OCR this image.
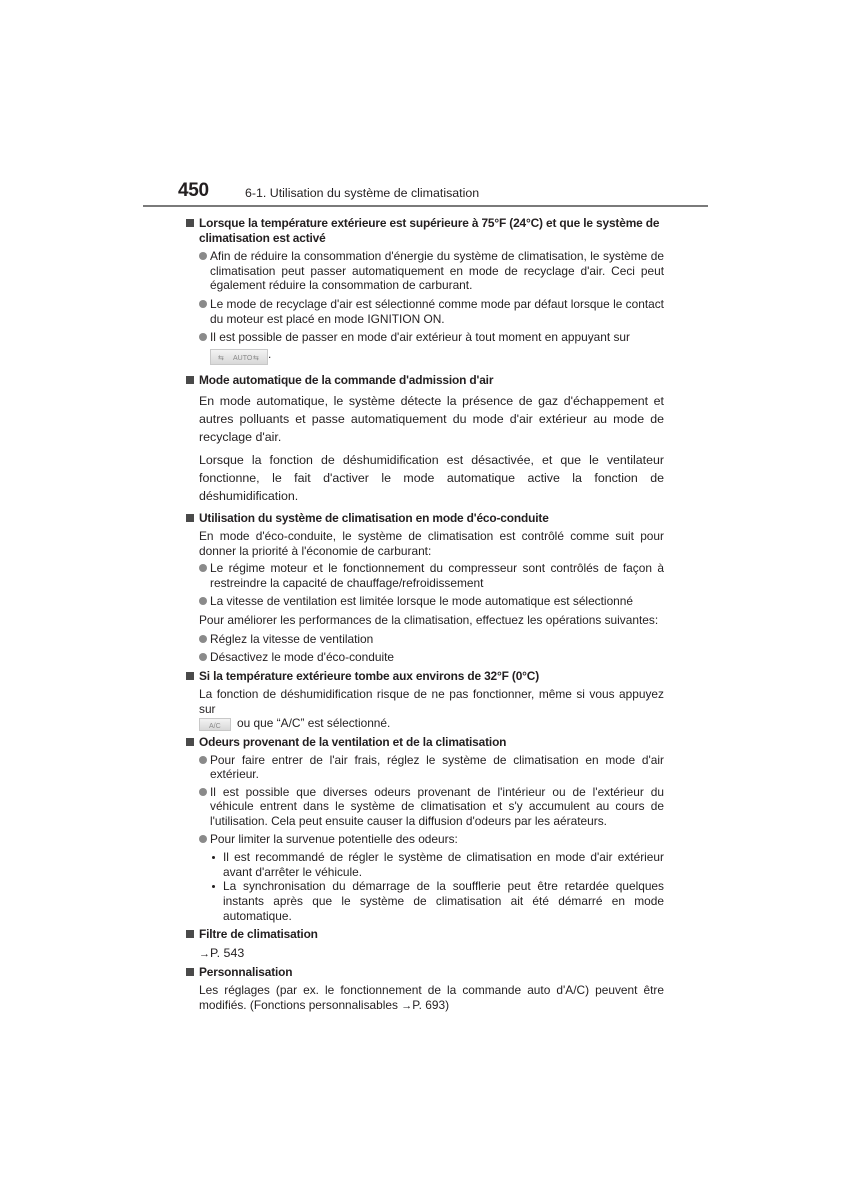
450	6-1. Utilisation du système de climatisation
Lorsque la température extérieure est supérieure à 75°F (24°C) et que le système de climatisation est activé
Afin de réduire la consommation d'énergie du système de climatisation, le système de climatisation peut passer automatiquement en mode de recyclage d'air. Ceci peut également réduire la consommation de carburant.
Le mode de recyclage d'air est sélectionné comme mode par défaut lorsque le contact du moteur est placé en mode IGNITION ON.
Il est possible de passer en mode d'air extérieur à tout moment en appuyant sur

⇆ AUTO ⇆ .
Mode automatique de la commande d'admission d'air
En mode automatique, le système détecte la présence de gaz d'échappement et autres polluants et passe automatiquement du mode d'air extérieur au mode de recyclage d'air.
Lorsque la fonction de déshumidification est désactivée, et que le ventilateur fonctionne, le fait d'activer le mode automatique active la fonction de déshumidification.
Utilisation du système de climatisation en mode d'éco-conduite
En mode d'éco-conduite, le système de climatisation est contrôlé comme suit pour donner la priorité à l'économie de carburant:
Le régime moteur et le fonctionnement du compresseur sont contrôlés de façon à restreindre la capacité de chauffage/refroidissement
La vitesse de ventilation est limitée lorsque le mode automatique est sélectionné
Pour améliorer les performances de la climatisation, effectuez les opérations suivantes:
Réglez la vitesse de ventilation
Désactivez le mode d'éco-conduite
Si la température extérieure tombe aux environs de 32°F (0°C)
La fonction de déshumidification risque de ne pas fonctionner, même si vous appuyez sur

A/C ou que “A/C” est sélectionné.
Odeurs provenant de la ventilation et de la climatisation
Pour faire entrer de l'air frais, réglez le système de climatisation en mode d'air extérieur.
Il est possible que diverses odeurs provenant de l'intérieur ou de l'extérieur du véhicule entrent dans le système de climatisation et s'y accumulent au cours de l'utilisation. Cela peut ensuite causer la diffusion d'odeurs par les aérateurs.
Pour limiter la survenue potentielle des odeurs:
Il est recommandé de régler le système de climatisation en mode d'air extérieur avant d'arrêter le véhicule.
La synchronisation du démarrage de la soufflerie peut être retardée quelques instants après que le système de climatisation ait été démarré en mode automatique.
Filtre de climatisation
→P. 543
Personnalisation
Les réglages (par ex. le fonctionnement de la commande auto d'A/C) peuvent être modifiés. (Fonctions personnalisables →P. 693)
